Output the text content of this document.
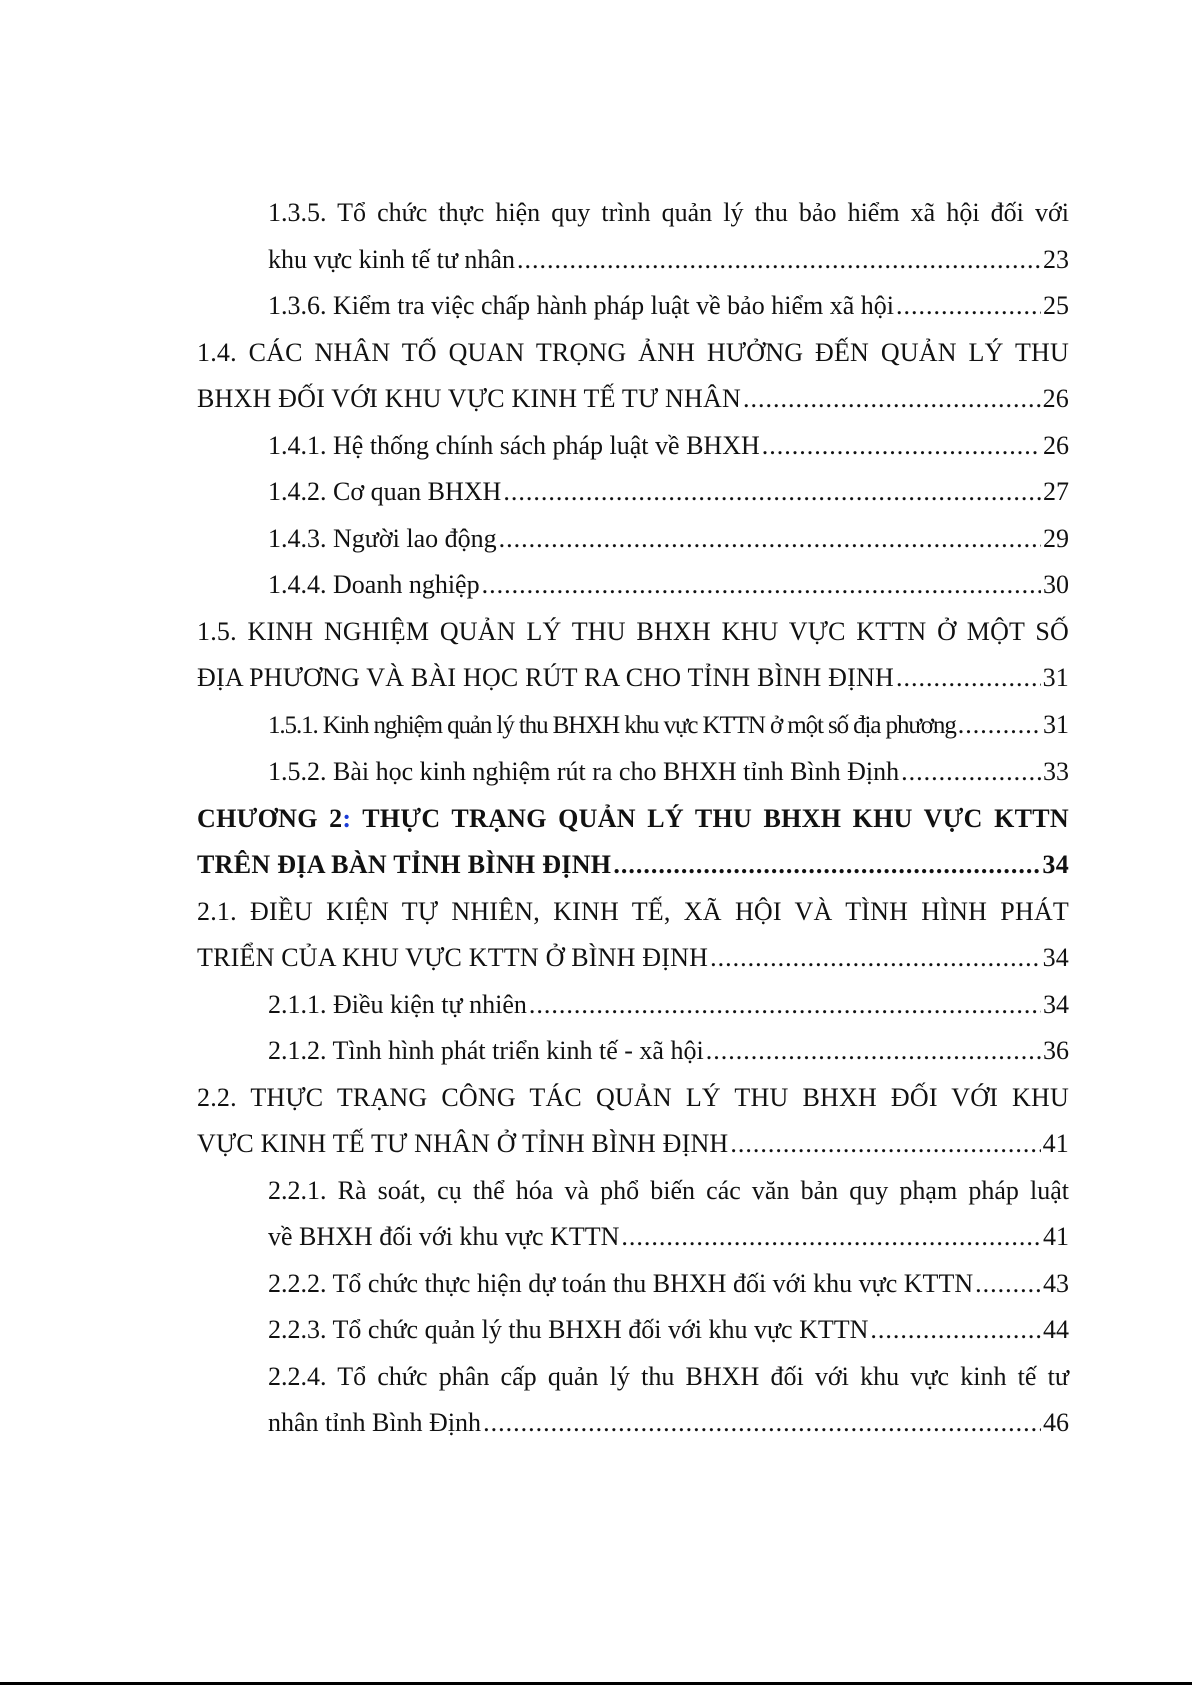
1.3.5. Tổ chức thực hiện quy trình quản lý thu bảo hiểm xã hội đối với
khu vực kinh tế tư nhân .....	23
1.3.6. Kiểm tra việc chấp hành pháp luật về bảo hiểm xã hội .....	25
1.4. CÁC NHÂN TỐ QUAN TRỌNG ẢNH HƯỞNG ĐẾN QUẢN LÝ THU
BHXH ĐỐI VỚI KHU VỰC KINH TẾ TƯ NHÂN .....	26
1.4.1. Hệ thống chính sách pháp luật về BHXH .....	26
1.4.2. Cơ quan BHXH .....	27
1.4.3. Người lao động .....	29
1.4.4. Doanh nghiệp .....	30
1.5. KINH NGHIỆM QUẢN LÝ THU BHXH KHU VỰC KTTN Ở MỘT SỐ
ĐỊA PHƯƠNG VÀ BÀI HỌC RÚT RA CHO TỈNH BÌNH ĐỊNH .....	31
1.5.1. Kinh nghiệm quản lý thu BHXH khu vực KTTN ở một số địa phương .....	31
1.5.2. Bài học kinh nghiệm rút ra cho BHXH tỉnh Bình Định .....	33
CHƯƠNG 2: THỰC TRẠNG QUẢN LÝ THU BHXH KHU VỰC KTTN
TRÊN ĐỊA BÀN TỈNH BÌNH ĐỊNH .....	34
2.1. ĐIỀU KIỆN TỰ NHIÊN, KINH TẾ, XÃ HỘI VÀ TÌNH HÌNH PHÁT
TRIỂN CỦA KHU VỰC KTTN Ở BÌNH ĐỊNH .....	34
2.1.1. Điều kiện tự nhiên .....	34
2.1.2. Tình hình phát triển kinh tế - xã hội .....	36
2.2. THỰC TRẠNG CÔNG TÁC QUẢN LÝ THU BHXH ĐỐI VỚI KHU
VỰC KINH TẾ TƯ NHÂN Ở TỈNH BÌNH ĐỊNH .....	41
2.2.1. Rà soát, cụ thể hóa và phổ biến các văn bản quy phạm pháp luật
về BHXH đối với khu vực KTTN .....	41
2.2.2. Tổ chức thực hiện dự toán thu BHXH đối với khu vực KTTN .....	43
2.2.3. Tổ chức quản lý thu BHXH đối với khu vực KTTN .....	44
2.2.4. Tổ chức phân cấp quản lý thu BHXH đối với khu vực kinh tế tư
nhân tỉnh Bình Định .....	46
